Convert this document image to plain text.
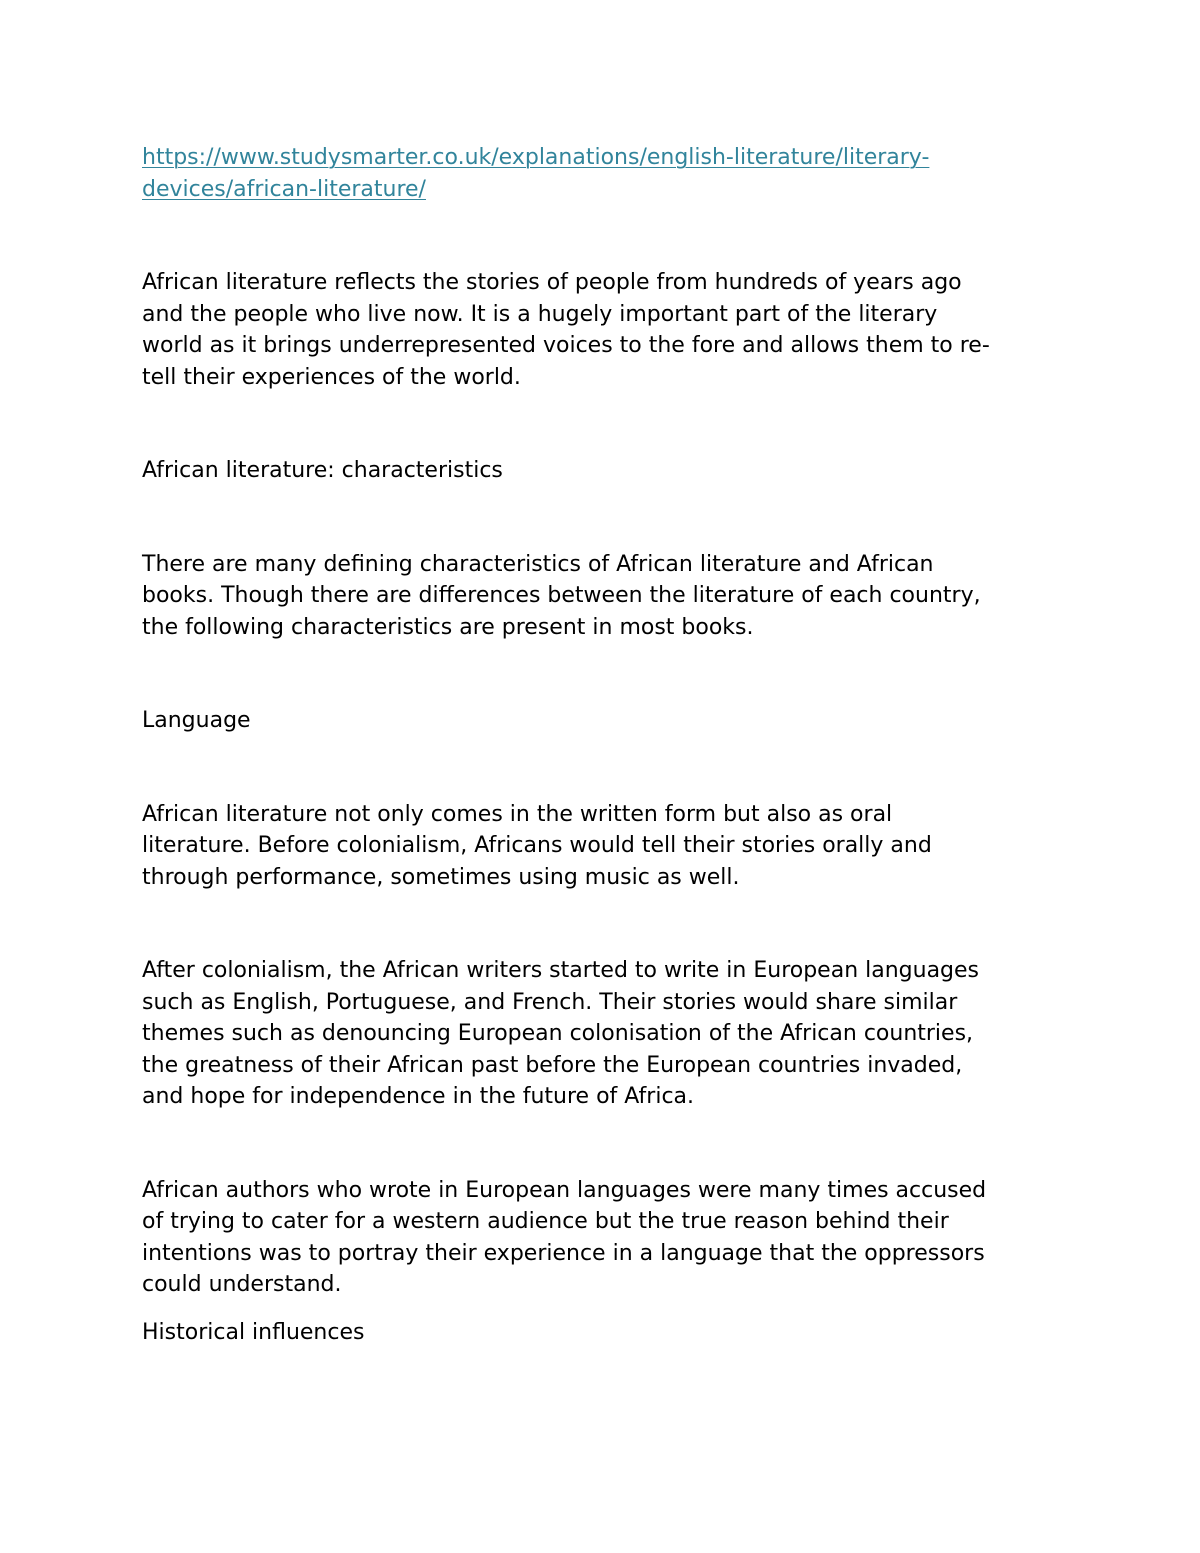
https://www.studysmarter.co.uk/explanations/english-literature/literary-
devices/african-literature/

African literature reflects the stories of people from hundreds of years ago
and the people who live now. It is a hugely important part of the literary
world as it brings underrepresented voices to the fore and allows them to re-
tell their experiences of the world.

African literature: characteristics

There are many defining characteristics of African literature and African
books. Though there are differences between the literature of each country,
the following characteristics are present in most books.

Language

African literature not only comes in the written form but also as oral
literature. Before colonialism, Africans would tell their stories orally and
through performance, sometimes using music as well.

After colonialism, the African writers started to write in European languages
such as English, Portuguese, and French. Their stories would share similar
themes such as denouncing European colonisation of the African countries,
the greatness of their African past before the European countries invaded,
and hope for independence in the future of Africa.

African authors who wrote in European languages were many times accused
of trying to cater for a western audience but the true reason behind their
intentions was to portray their experience in a language that the oppressors
could understand.

Historical influences
